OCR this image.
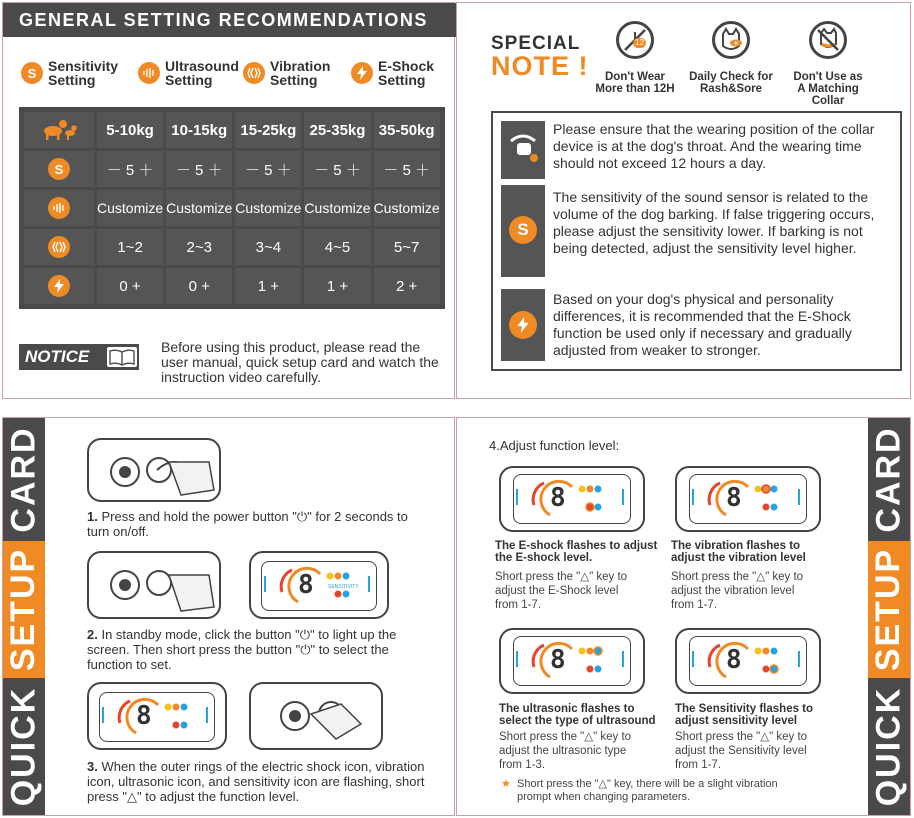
GENERAL SETTING RECOMMENDATIONS
S Sensitivity
Setting
Ultrasound
Setting
Vibration
Setting
E-Shock
Setting
	5-10kg	10-15kg	15-25kg	25-35kg	35-50kg
S	－ 5 ＋	－ 5 ＋	－ 5 ＋	－ 5 ＋	－ 5 ＋

	Customize	Customize	Customize	Customize	Customize

	1~2	2~3	3~4	4~5	5~7

	0 +	0 +	1 +	1 +	2 +
NOTICE	Before using this product, please read the user manual, quick setup card and watch the instruction video carefully.
SPECIAL
NOTE !
12
Don't Wear
More than 12H
Daily Check for
Rash&Sore
Don't Use as
A Matching Collar
Please ensure that the wearing position of the collar device is at the dog's throat. And the wearing time should not exceed 12 hours a day.
S
The sensitivity of the sound sensor is related to the volume of the dog barking. If false triggering occurs, please adjust the sensitivity lower. If barking is not being detected, adjust the sensitivity level higher.
Based on your dog's physical and personality differences, it is recommended that the E-Shock function be used only if necessary and gradually adjusted from weaker to stronger.
CARD
SETUP
QUICK
1. Press and hold the power button "⏻" for 2 seconds to turn on/off.
SENSITIVITY
8
2. In standby mode, click the button "⏻" to light up the screen. Then short press the button "⏻" to select the function to set.
8
3. When the outer rings of the electric shock icon, vibration icon, ultrasonic icon, and sensitivity icon are flashing, short press "△" to adjust the function level.
4.Adjust function level:
8
The E-shock flashes to adjust
the E-shock level.
Short press the "△" key to
adjust the E-Shock level
from 1-7.
8
The vibration flashes to
adjust the vibration level
Short press the "△" key to
adjust the vibration level
from 1-7.
8
The ultrasonic flashes to
select the type of ultrasound
Short press the "△" key to
adjust the ultrasonic type
from 1-3.
8
The Sensitivity flashes to
adjust sensitivity level
Short press the "△" key to
adjust the Sensitivity level
from 1-7.
★ Short press the "△" key, there will be a slight vibration prompt when changing parameters.
CARD
SETUP
QUICK
